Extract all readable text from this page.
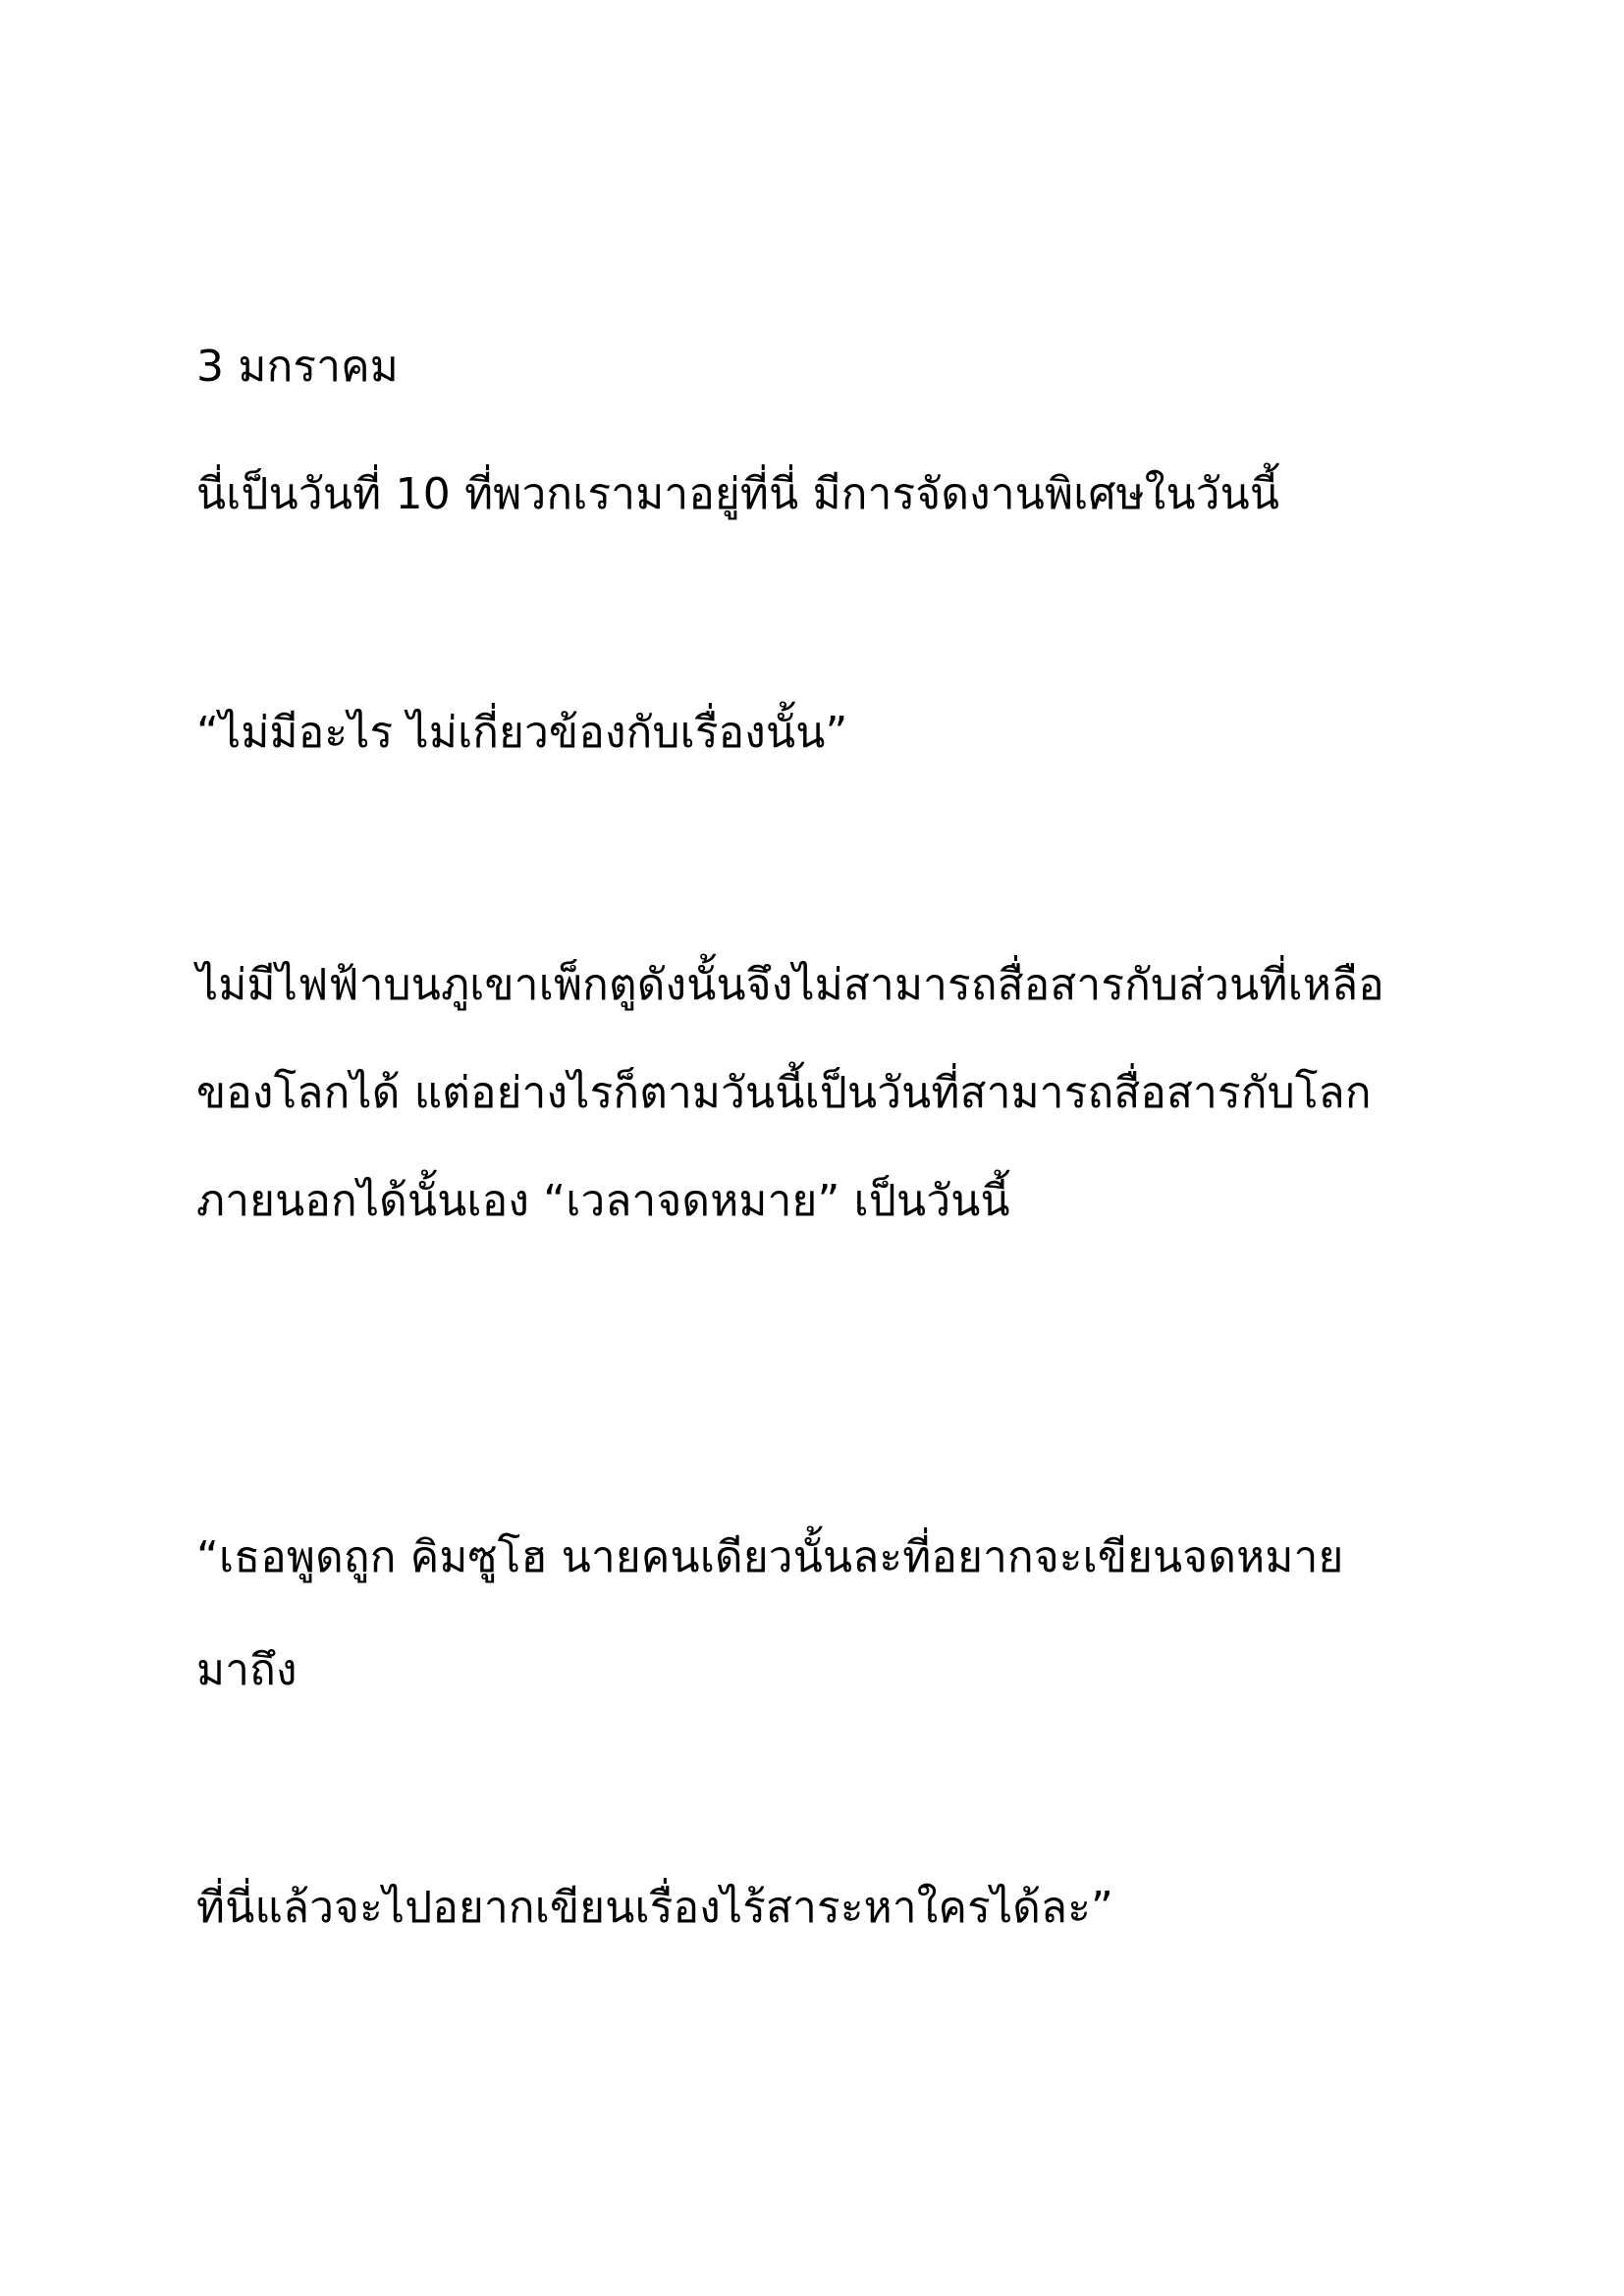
3 มกราคม

นี่เป็นวันที่ 10 ที่พวกเรามาอยู่ที่นี่ มีการจัดงานพิเศษในวันนี้

“ไม่มีอะไร ไม่เกี่ยวข้องกับเรื่องนั้น”

ไม่มีไฟฟ้าบนภูเขาเพ็กตูดังนั้นจึงไม่สามารถสื่อสารกับส่วนที่เหลือ

ของโลกได้ แต่อย่างไรก็ตามวันนี้เป็นวันที่สามารถสื่อสารกับโลก

ภายนอกได้นั้นเอง “เวลาจดหมาย” เป็นวันนี้

“เธอพูดถูก คิมซูโฮ นายคนเดียวนั้นละที่อยากจะเขียนจดหมาย

มาถึง

ที่นี่แล้วจะไปอยากเขียนเรื่องไร้สาระหาใครได้ละ”
